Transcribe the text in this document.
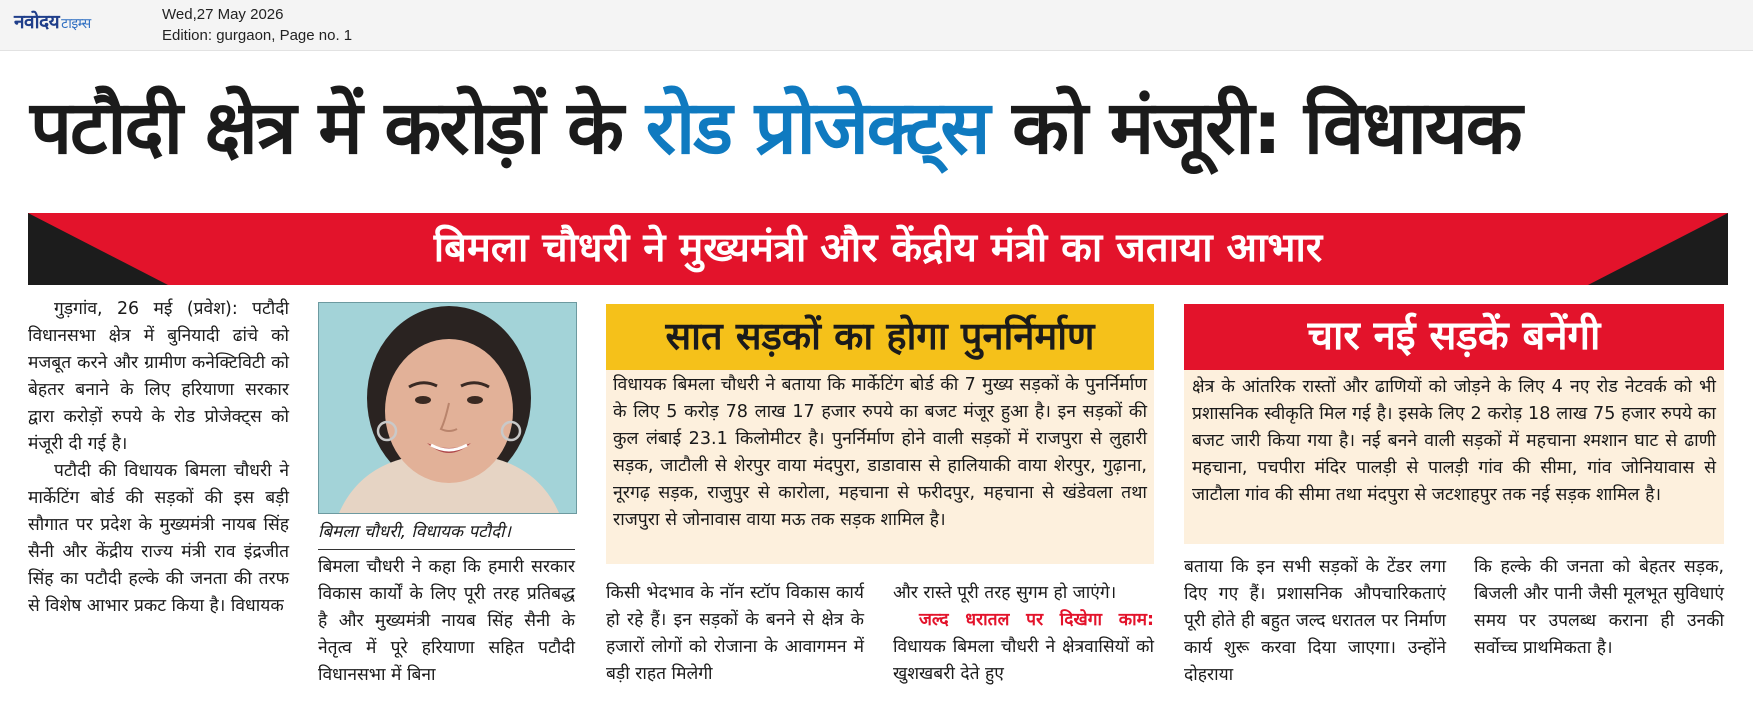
नवोदय टाइम्स
Wed,27 May 2026
Edition: gurgaon, Page no. 1
पटौदी क्षेत्र में करोड़ों के रोड प्रोजेक्ट्स को मंजूरी: विधायक
बिमला चौधरी ने मुख्यमंत्री और केंद्रीय मंत्री का जताया आभार

गुड़गांव, 26 मई (प्रवेश): पटौदी विधानसभा क्षेत्र में बुनियादी ढांचे को मजबूत करने और ग्रामीण कनेक्टिविटी को बेहतर बनाने के लिए हरियाणा सरकार द्वारा करोड़ों रुपये के रोड प्रोजेक्ट्स को मंजूरी दी गई है।

पटौदी की विधायक बिमला चौधरी ने मार्केटिंग बोर्ड की सड़कों की इस बड़ी सौगात पर प्रदेश के मुख्यमंत्री नायब सिंह सैनी और केंद्रीय राज्य मंत्री राव इंद्रजीत सिंह का पटौदी हल्के की जनता की तरफ से विशेष आभार प्रकट किया है। विधायक

बिमला चौधरी, विधायक पटौदी।

बिमला चौधरी ने कहा कि हमारी सरकार विकास कार्यों के लिए पूरी तरह प्रतिबद्ध है और मुख्यमंत्री नायब सिंह सैनी के नेतृत्व में पूरे हरियाणा सहित पटौदी विधानसभा में बिना

सात सड़कों का होगा पुनर्निर्माण
विधायक बिमला चौधरी ने बताया कि मार्केटिंग बोर्ड की 7 मुख्य सड़कों के पुनर्निर्माण के लिए 5 करोड़ 78 लाख 17 हजार रुपये का बजट मंजूर हुआ है। इन सड़कों की कुल लंबाई 23.1 किलोमीटर है। पुनर्निर्माण होने वाली सड़कों में राजपुरा से लुहारी सड़क, जाटौली से शेरपुर वाया मंदपुरा, डाडावास से हालियाकी वाया शेरपुर, गुढ़ाना, नूरगढ़ सड़क, राजुपुर से कारोला, महचाना से फरीदपुर, महचाना से खंडेवला तथा राजपुरा से जोनावास वाया मऊ तक सड़क शामिल है।
चार नई सड़कें बनेंगी
क्षेत्र के आंतरिक रास्तों और ढाणियों को जोड़ने के लिए 4 नए रोड नेटवर्क को भी प्रशासनिक स्वीकृति मिल गई है। इसके लिए 2 करोड़ 18 लाख 75 हजार रुपये का बजट जारी किया गया है। नई बनने वाली सड़कों में महचाना श्मशान घाट से ढाणी महचाना, पचपीरा मंदिर पालड़ी से पालड़ी गांव की सीमा, गांव जोनियावास से जाटौला गांव की सीमा तथा मंदपुरा से जटशाहपुर तक नई सड़क शामिल है।

किसी भेदभाव के नॉन स्टॉप विकास कार्य हो रहे हैं। इन सड़कों के बनने से क्षेत्र के हजारों लोगों को रोजाना के आवागमन में बड़ी राहत मिलेगी

और रास्ते पूरी तरह सुगम हो जाएंगे।

जल्द धरातल पर दिखेगा काम: विधायक बिमला चौधरी ने क्षेत्रवासियों को खुशखबरी देते हुए

बताया कि इन सभी सड़कों के टेंडर लगा दिए गए हैं। प्रशासनिक औपचारिकताएं पूरी होते ही बहुत जल्द धरातल पर निर्माण कार्य शुरू करवा दिया जाएगा। उन्होंने दोहराया

कि हल्के की जनता को बेहतर सड़क, बिजली और पानी जैसी मूलभूत सुविधाएं समय पर उपलब्ध कराना ही उनकी सर्वोच्च प्राथमिकता है।
